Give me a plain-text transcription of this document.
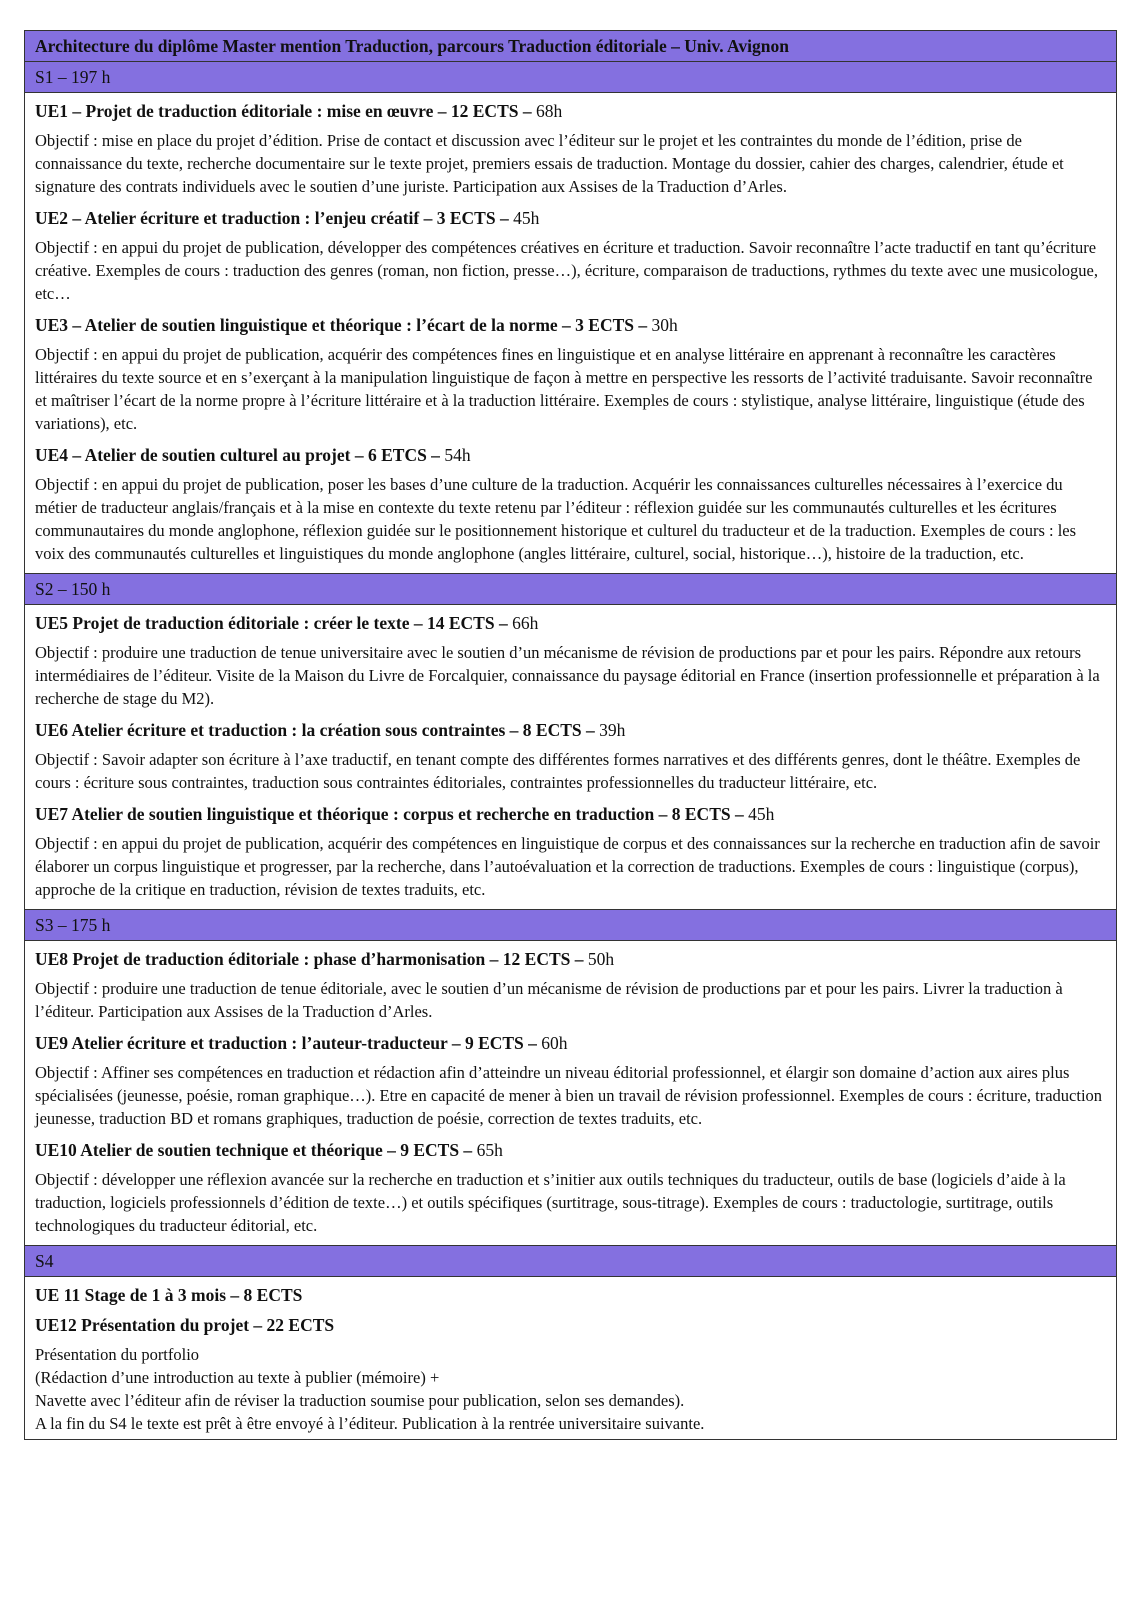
Architecture du diplôme Master mention Traduction, parcours Traduction éditoriale – Univ. Avignon
S1 – 197 h
UE1 – Projet de traduction éditoriale : mise en œuvre – 12 ECTS – 68h
Objectif : mise en place du projet d’édition. Prise de contact et discussion avec l’éditeur sur le projet et les contraintes du monde de l’édition, prise de connaissance du texte, recherche documentaire sur le texte projet, premiers essais de traduction. Montage du dossier, cahier des charges, calendrier, étude et signature des contrats individuels avec le soutien d’une juriste. Participation aux Assises de la Traduction d’Arles.
UE2 – Atelier écriture et traduction : l’enjeu créatif – 3 ECTS – 45h
Objectif : en appui du projet de publication, développer des compétences créatives en écriture et traduction. Savoir reconnaître l’acte traductif en tant qu’écriture créative. Exemples de cours : traduction des genres (roman, non fiction, presse…), écriture, comparaison de traductions, rythmes du texte avec une musicologue, etc…
UE3 – Atelier de soutien linguistique et théorique : l’écart de la norme – 3 ECTS – 30h
Objectif : en appui du projet de publication, acquérir des compétences fines en linguistique et en analyse littéraire en apprenant à reconnaître les caractères littéraires du texte source et en s’exerçant à la manipulation linguistique de façon à mettre en perspective les ressorts de l’activité traduisante. Savoir reconnaître et maîtriser l’écart de la norme propre à l’écriture littéraire et à la traduction littéraire. Exemples de cours : stylistique, analyse littéraire, linguistique (étude des variations), etc.
UE4 – Atelier de soutien culturel au projet – 6 ETCS – 54h
Objectif : en appui du projet de publication, poser les bases d’une culture de la traduction. Acquérir les connaissances culturelles nécessaires à l’exercice du métier de traducteur anglais/français et à la mise en contexte du texte retenu par l’éditeur : réflexion guidée sur les communautés culturelles et les écritures communautaires du monde anglophone, réflexion guidée sur le positionnement historique et culturel du traducteur et de la traduction. Exemples de cours : les voix des communautés culturelles et linguistiques du monde anglophone (angles littéraire, culturel, social, historique…), histoire de la traduction, etc.
S2 – 150 h
UE5 Projet de traduction éditoriale : créer le texte – 14 ECTS – 66h
Objectif : produire une traduction de tenue universitaire avec le soutien d’un mécanisme de révision de productions par et pour les pairs. Répondre aux retours intermédiaires de l’éditeur. Visite de la Maison du Livre de Forcalquier, connaissance du paysage éditorial en France (insertion professionnelle et préparation à la recherche de stage du M2).
UE6 Atelier écriture et traduction : la création sous contraintes – 8 ECTS – 39h
Objectif : Savoir adapter son écriture à l’axe traductif, en tenant compte des différentes formes narratives et des différents genres, dont le théâtre. Exemples de cours : écriture sous contraintes, traduction sous contraintes éditoriales, contraintes professionnelles du traducteur littéraire, etc.
UE7 Atelier de soutien linguistique et théorique : corpus et recherche en traduction – 8 ECTS – 45h
Objectif : en appui du projet de publication, acquérir des compétences en linguistique de corpus et des connaissances sur la recherche en traduction afin de savoir élaborer un corpus linguistique et progresser, par la recherche, dans l’autoévaluation et la correction de traductions. Exemples de cours : linguistique (corpus), approche de la critique en traduction, révision de textes traduits, etc.
S3 – 175 h
UE8 Projet de traduction éditoriale : phase d’harmonisation – 12 ECTS – 50h
Objectif : produire une traduction de tenue éditoriale, avec le soutien d’un mécanisme de révision de productions par et pour les pairs. Livrer la traduction à l’éditeur. Participation aux Assises de la Traduction d’Arles.
UE9 Atelier écriture et traduction : l’auteur-traducteur – 9 ECTS – 60h
Objectif : Affiner ses compétences en traduction et rédaction afin d’atteindre un niveau éditorial professionnel, et élargir son domaine d’action aux aires plus spécialisées (jeunesse, poésie, roman graphique…). Etre en capacité de mener à bien un travail de révision professionnel. Exemples de cours : écriture, traduction jeunesse, traduction BD et romans graphiques, traduction de poésie, correction de textes traduits, etc.
UE10 Atelier de soutien technique et théorique – 9 ECTS – 65h
Objectif : développer une réflexion avancée sur la recherche en traduction et s’initier aux outils techniques du traducteur, outils de base (logiciels d’aide à la traduction, logiciels professionnels d’édition de texte…) et outils spécifiques (surtitrage, sous-titrage). Exemples de cours : traductologie, surtitrage, outils technologiques du traducteur éditorial, etc.
S4
UE 11 Stage de 1 à 3 mois – 8 ECTS
UE12 Présentation du projet – 22 ECTS
Présentation du portfolio
(Rédaction d’une introduction au texte à publier (mémoire) +
Navette avec l’éditeur afin de réviser la traduction soumise pour publication, selon ses demandes).
A la fin du S4 le texte est prêt à être envoyé à l’éditeur. Publication à la rentrée universitaire suivante.
